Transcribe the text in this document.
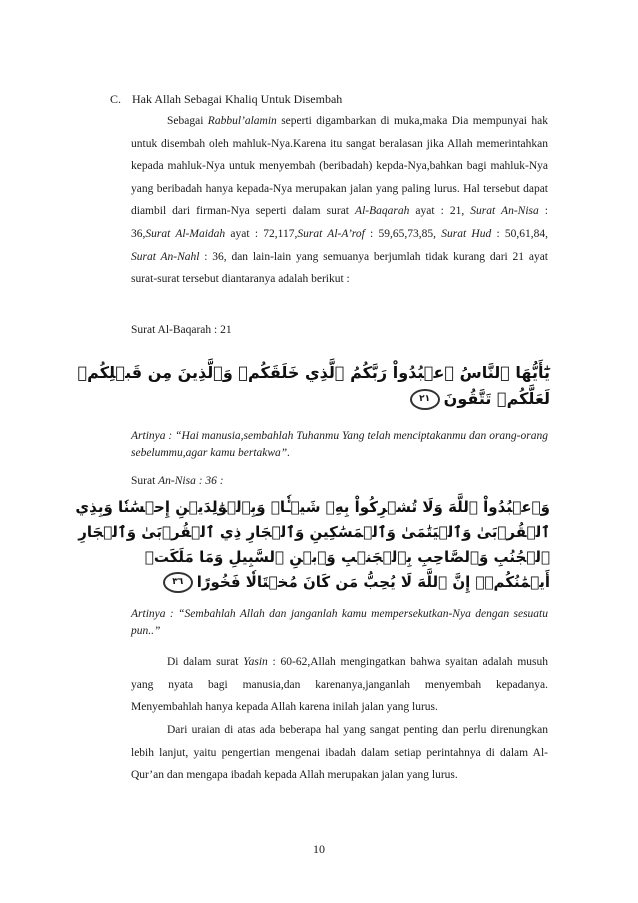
C. Hak Allah Sebagai Khaliq Untuk Disembah
Sebagai Rabbul’alamin seperti digambarkan di muka,maka Dia mempunyai hak untuk disembah oleh mahluk-Nya.Karena itu sangat beralasan jika Allah memerintahkan kepada mahluk-Nya untuk menyembah (beribadah) kepda-Nya,bahkan bagi mahluk-Nya yang beribadah hanya kepada-Nya merupakan jalan yang paling lurus. Hal tersebut dapat diambil dari firman-Nya seperti dalam surat Al-Baqarah ayat : 21, Surat An-Nisa : 36,Surat Al-Maidah ayat : 72,117,Surat Al-A’rof : 59,65,73,85, Surat Hud : 50,61,84, Surat An-Nahl : 36, dan lain-lain yang semuanya berjumlah tidak kurang dari 21 ayat surat-surat tersebut diantaranya adalah berikut :
Surat Al-Baqarah : 21
يَٰٓأَيُّهَا ٱلنَّاسُ ٱعۡبُدُواْ رَبَّكُمُ ٱلَّذِي خَلَقَكُمۡ وَٱلَّذِينَ مِن قَبۡلِكُمۡ
لَعَلَّكُمۡ تَتَّقُونَ٢١
Artinya : “Hai manusia,sembahlah Tuhanmu Yang telah menciptakanmu dan orang-orang sebelummu,agar kamu bertakwa”.
Surat An-Nisa : 36 :
وَٱعۡبُدُواْ ٱللَّهَ وَلَا تُشۡرِكُواْ بِهِۦ شَيۡـٔٗاۖ وَبِٱلۡوَٰلِدَيۡنِ إِحۡسَٰنٗا وَبِذِي
ٱلۡقُرۡبَىٰ وَٱلۡيَتَٰمَىٰ وَٱلۡمَسَٰكِينِ وَٱلۡجَارِ ذِي ٱلۡقُرۡبَىٰ وَٱلۡجَارِ
ٱلۡجُنُبِ وَٱلصَّاحِبِ بِٱلۡجَنۢبِ وَٱبۡنِ ٱلسَّبِيلِ وَمَا مَلَكَتۡ
أَيۡمَٰنُكُمۡۗ إِنَّ ٱللَّهَ لَا يُحِبُّ مَن كَانَ مُخۡتَالٗا فَخُورًا٣٦
Artinya : “Sembahlah Allah dan janganlah kamu mempersekutkan-Nya dengan sesuatu pun..”
Di dalam surat Yasin : 60-62,Allah mengingatkan bahwa syaitan adalah musuh yang nyata bagi manusia,dan karenanya,janganlah menyembah kepadanya. Menyembahlah hanya kepada Allah karena inilah jalan yang lurus.
Dari uraian di atas ada beberapa hal yang sangat penting dan perlu direnungkan lebih lanjut, yaitu pengertian mengenai ibadah dalam setiap perintahnya di dalam Al-Qur’an dan mengapa ibadah kepada Allah merupakan jalan yang lurus.
10
